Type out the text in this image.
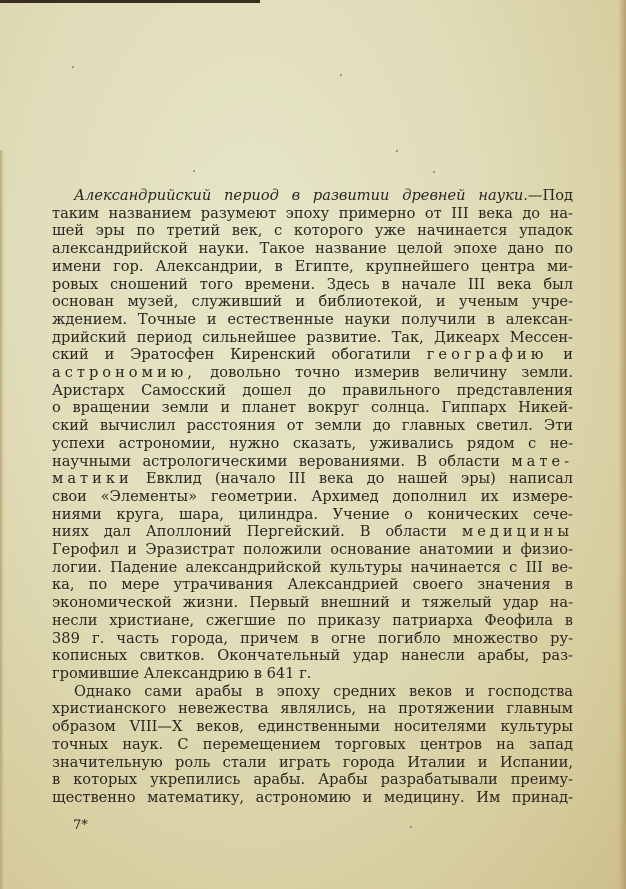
Александрийский период в развитии древней науки.—Под
таким названием разумеют эпоху примерно от III века до на-
шей эры по третий век, с которого уже начинается упадок
александрийской науки. Такое название целой эпохе дано по
имени гор. Александрии, в Египте, крупнейшего центра ми-
ровых сношений того времени. Здесь в начале III века был
основан музей, служивший и библиотекой, и ученым учре-
ждением. Точные и естественные науки получили в алексан-
дрийский период сильнейшее развитие. Так, Дикеарх Мессен-
ский и Эратосфен Киренский обогатили географию и
астрономию, довольно точно измерив величину земли.
Аристарх Самосский дошел до правильного представления
о вращении земли и планет вокруг солнца. Гиппарх Никей-
ский вычислил расстояния от земли до главных светил. Эти
успехи астрономии, нужно сказать, уживались рядом с не-
научными астрологическими верованиями. В области мате-
матики Евклид (начало III века до нашей эры) написал
свои «Элементы» геометрии. Архимед дополнил их измере-
ниями круга, шара, цилиндра. Учение о конических сече-
ниях дал Аполлоний Пергейский. В области медицины
Герофил и Эразистрат положили основание анатомии и физио-
логии. Падение александрийской культуры начинается с III ве-
ка, по мере утрачивания Александрией своего значения в
экономической жизни. Первый внешний и тяжелый удар на-
несли христиане, сжегшие по приказу патриарха Феофила в
389 г. часть города, причем в огне погибло множество ру-
кописных свитков. Окончательный удар нанесли арабы, раз-
громившие Александрию в 641 г.

Однако сами арабы в эпоху средних веков и господства
христианского невежества являлись, на протяжении главным
образом VIII—X веков, единственными носителями культуры
точных наук. С перемещением торговых центров на запад
значительную роль стали играть города Италии и Испании,
в которых укрепились арабы. Арабы разрабатывали преиму-
щественно математику, астрономию и медицину. Им принад-

7*
